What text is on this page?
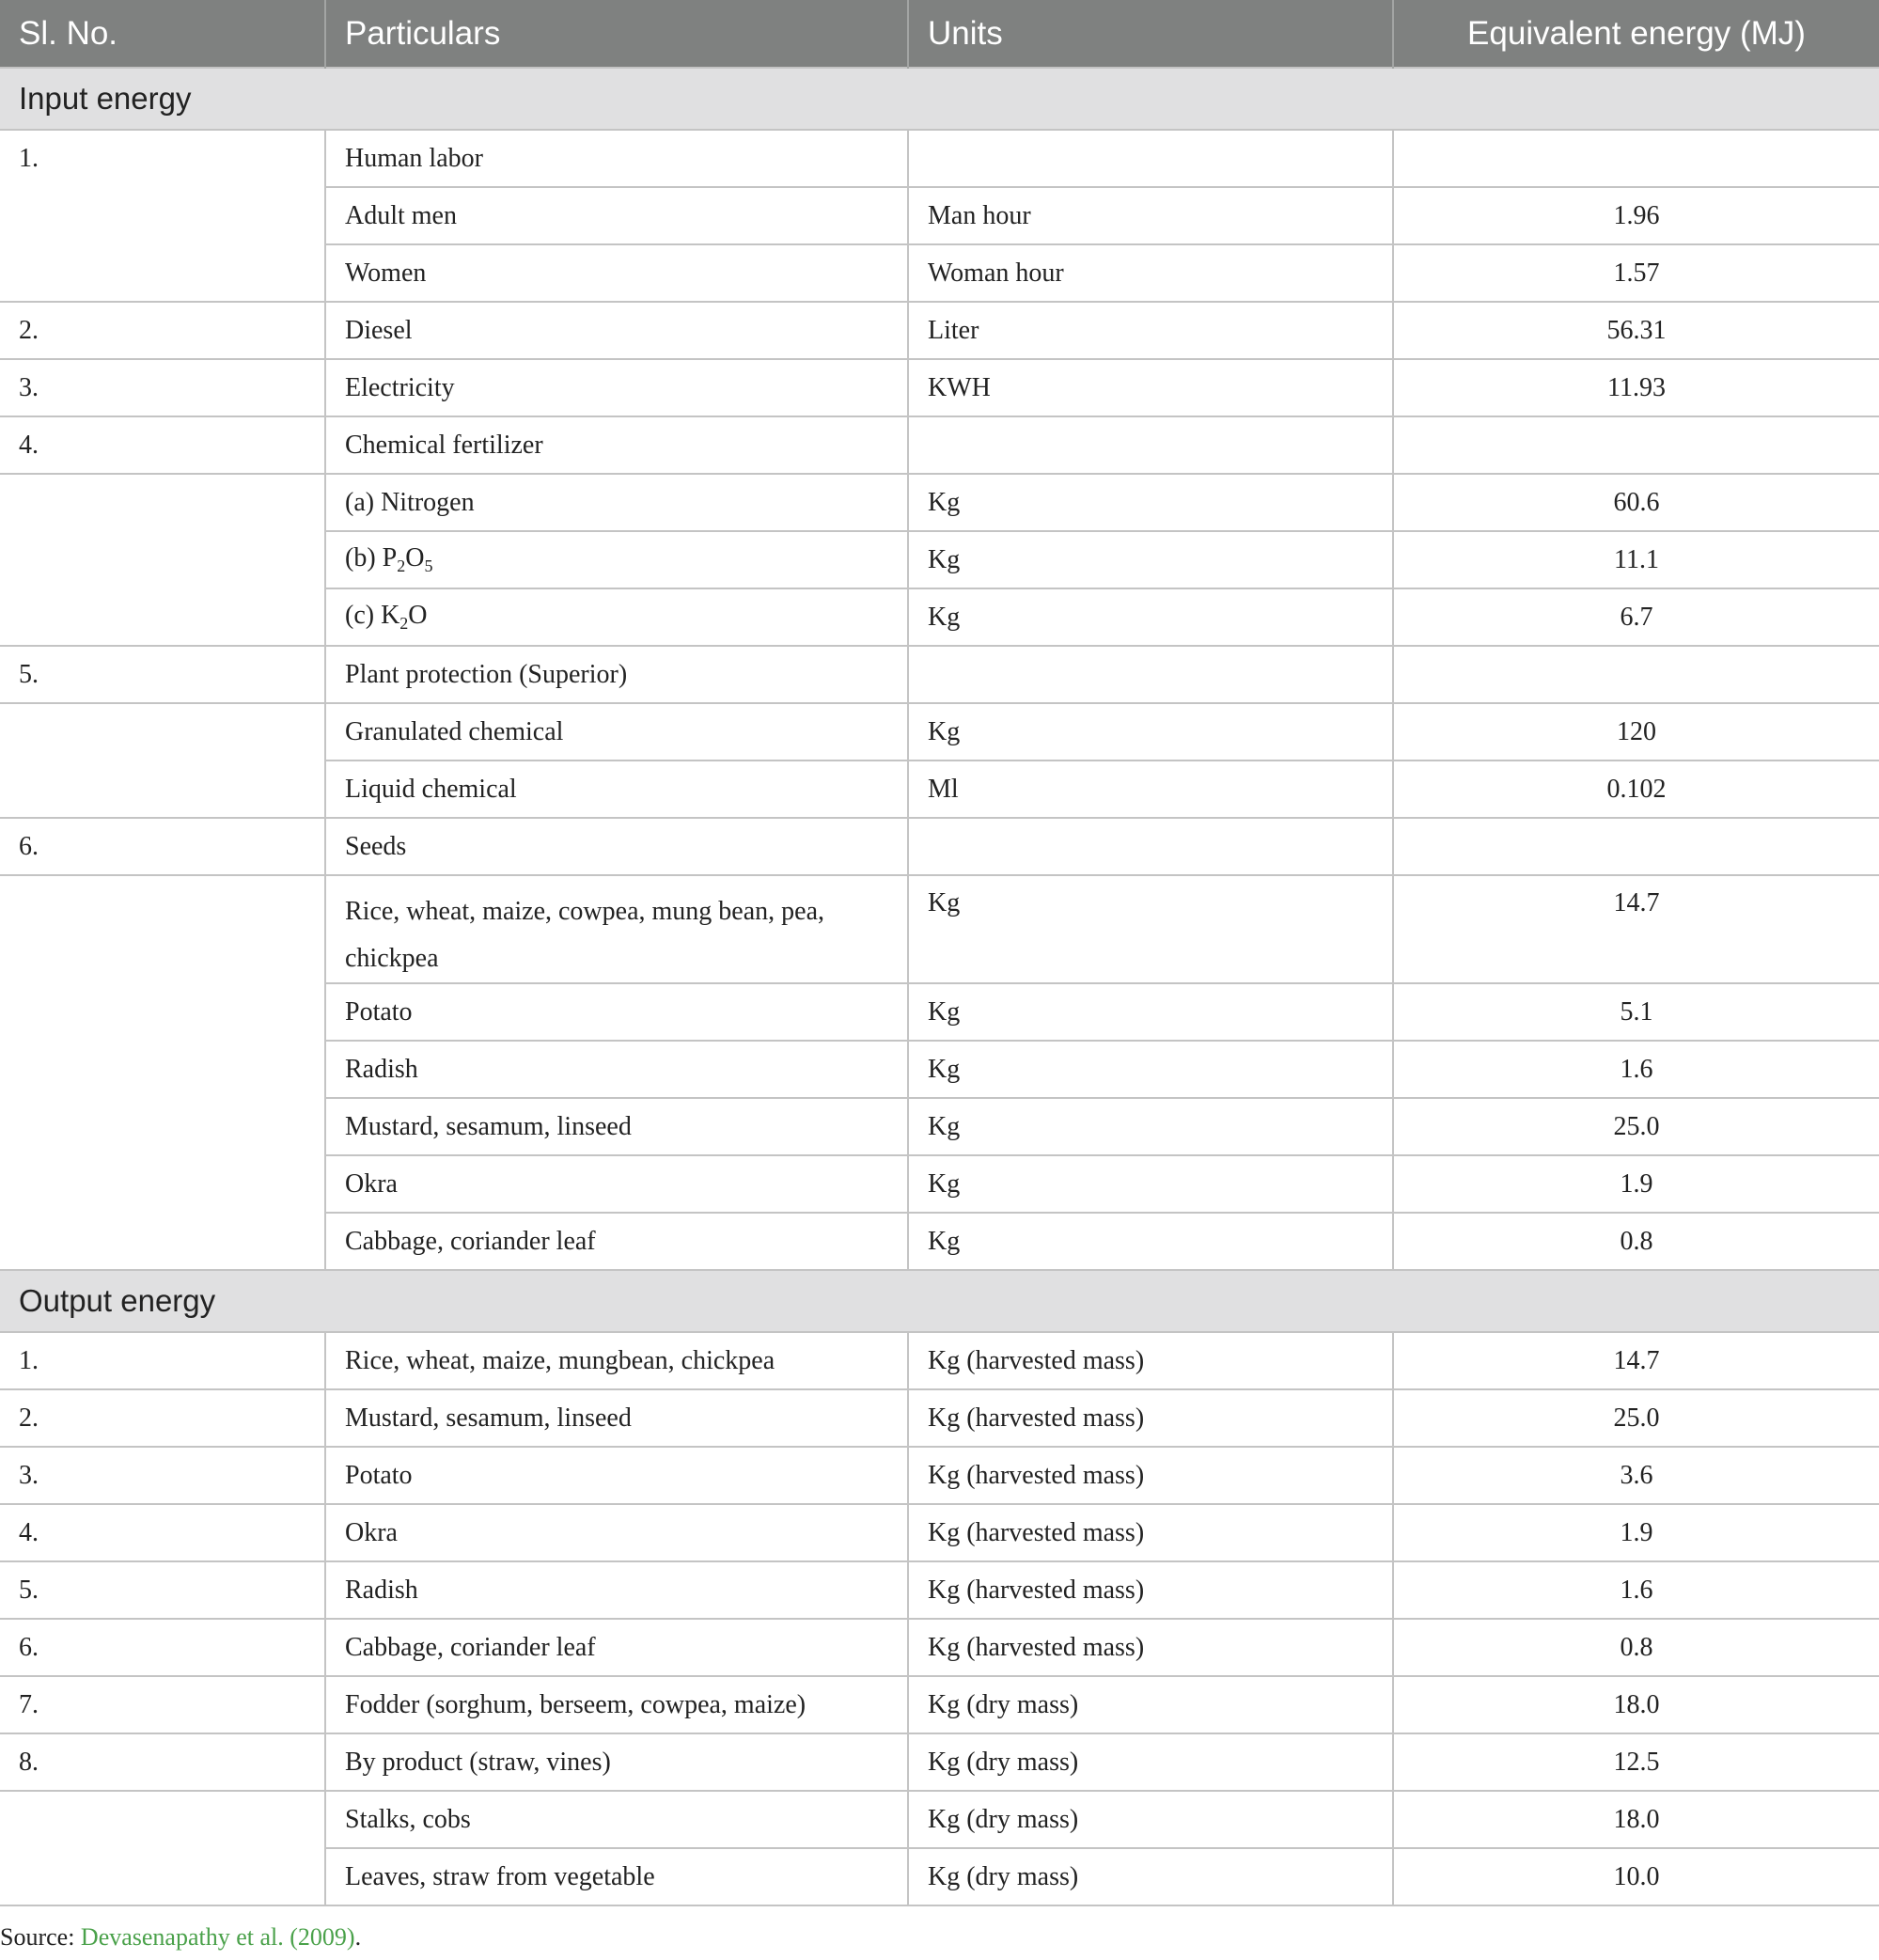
Sl. No.	Particulars	Units	Equivalent energy (MJ)
Input energy			
1.	Human labor		
	Adult men	Man hour	1.96
	Women	Woman hour	1.57
2.	Diesel	Liter	56.31
3.	Electricity	KWH	11.93
4.	Chemical fertilizer		
	(a) Nitrogen	Kg	60.6
	(b) $P_2O_5$	Kg	11.1
	(c) $K_2O$	Kg	6.7
5.	Plant protection (Superior)		
	Granulated chemical	Kg	120
	Liquid chemical	Ml	0.102
6.	Seeds		
	Rice, wheat, maize, cowpea, mung bean, pea, chickpea	Kg	14.7
	Potato	Kg	5.1
	Radish	Kg	1.6
	Mustard, sesamum, linseed	Kg	25.0
	Okra	Kg	1.9
	Cabbage, coriander leaf	Kg	0.8
Output energy			
1.	Rice, wheat, maize, mungbean, chickpea	Kg (harvested mass)	14.7
2.	Mustard, sesamum, linseed	Kg (harvested mass)	25.0
3.	Potato	Kg (harvested mass)	3.6
4.	Okra	Kg (harvested mass)	1.9
5.	Radish	Kg (harvested mass)	1.6
6.	Cabbage, coriander leaf	Kg (harvested mass)	0.8
7.	Fodder (sorghum, berseem, cowpea, maize)	Kg (dry mass)	18.0
8.	By product (straw, vines)	Kg (dry mass)	12.5
	Stalks, cobs	Kg (dry mass)	18.0
	Leaves, straw from vegetable	Kg (dry mass)	10.0
Source: Devasenapathy et al. (2009).
